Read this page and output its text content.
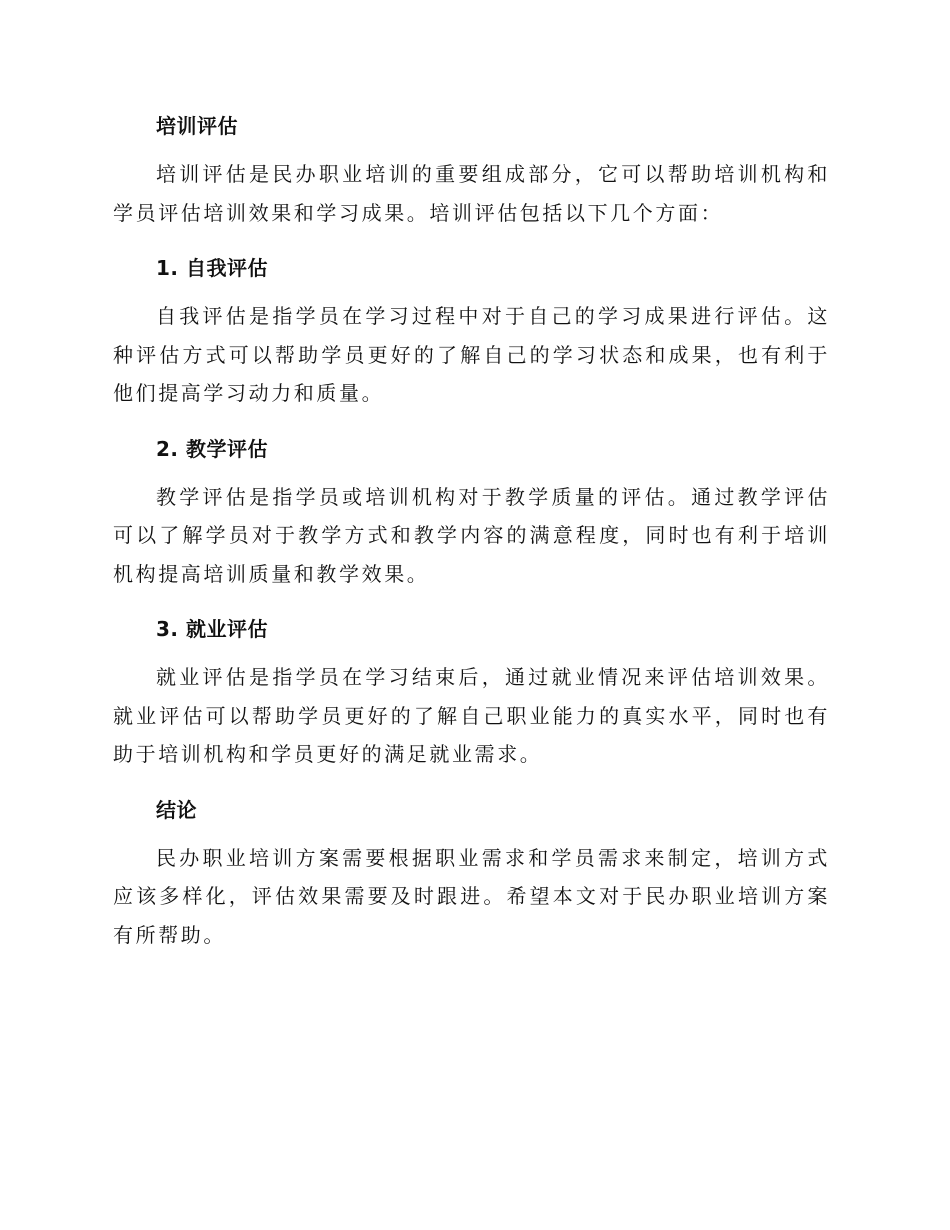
培训评估

培训评估是民办职业培训的重要组成部分，它可以帮助培训机构和学员评估培训效果和学习成果。培训评估包括以下几个方面：

1. 自我评估

自我评估是指学员在学习过程中对于自己的学习成果进行评估。这种评估方式可以帮助学员更好的了解自己的学习状态和成果，也有利于他们提高学习动力和质量。

2. 教学评估

教学评估是指学员或培训机构对于教学质量的评估。通过教学评估可以了解学员对于教学方式和教学内容的满意程度，同时也有利于培训机构提高培训质量和教学效果。

3. 就业评估

就业评估是指学员在学习结束后，通过就业情况来评估培训效果。就业评估可以帮助学员更好的了解自己职业能力的真实水平，同时也有助于培训机构和学员更好的满足就业需求。

结论

民办职业培训方案需要根据职业需求和学员需求来制定，培训方式应该多样化，评估效果需要及时跟进。希望本文对于民办职业培训方案有所帮助。
